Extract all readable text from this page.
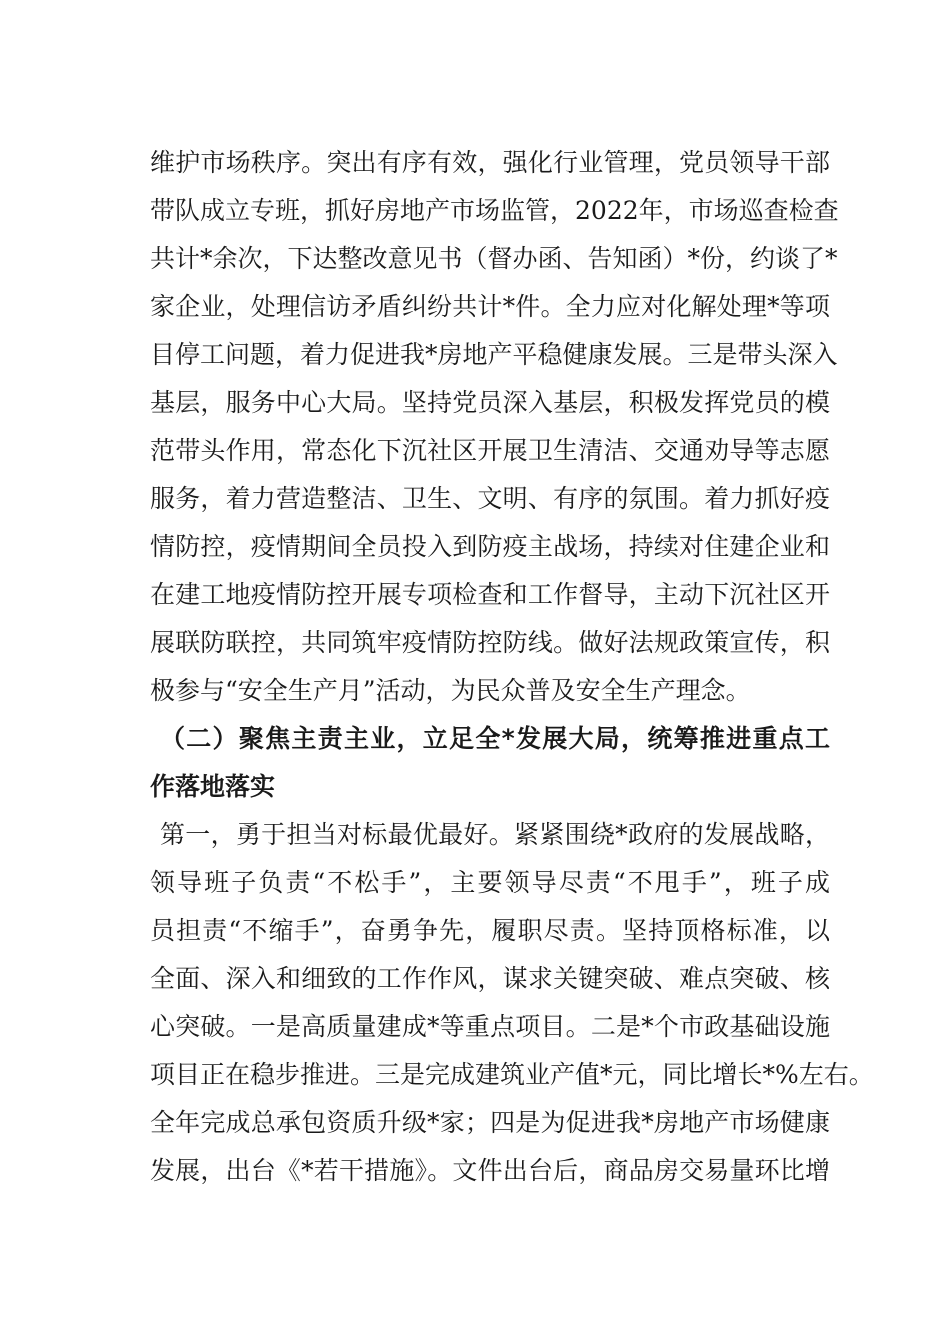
维护市场秩序。突出有序有效，强化行业管理，党员领导干部
带队成立专班，抓好房地产市场监管，2022年，市场巡查检查
共计*余次，下达整改意见书（督办函、告知函）*份，约谈了*
家企业，处理信访矛盾纠纷共计*件。全力应对化解处理*等项
目停工问题，着力促进我*房地产平稳健康发展。三是带头深入
基层，服务中心大局。坚持党员深入基层，积极发挥党员的模
范带头作用，常态化下沉社区开展卫生清洁、交通劝导等志愿
服务，着力营造整洁、卫生、文明、有序的氛围。着力抓好疫
情防控，疫情期间全员投入到防疫主战场，持续对住建企业和
在建工地疫情防控开展专项检查和工作督导，主动下沉社区开
展联防联控，共同筑牢疫情防控防线。做好法规政策宣传，积
极参与“安全生产月”活动，为民众普及安全生产理念。
（二）聚焦主责主业，立足全*发展大局，统筹推进重点工
作落地落实
第一，勇于担当对标最优最好。紧紧围绕*政府的发展战略，
领导班子负责“不松手”，主要领导尽责“不甩手”，班子成
员担责“不缩手”，奋勇争先，履职尽责。坚持顶格标准，以
全面、深入和细致的工作作风，谋求关键突破、难点突破、核
心突破。一是高质量建成*等重点项目。二是*个市政基础设施
项目正在稳步推进。三是完成建筑业产值*元，同比增长*%左右。
全年完成总承包资质升级*家；四是为促进我*房地产市场健康
发展，出台《*若干措施》。文件出台后，商品房交易量环比增
